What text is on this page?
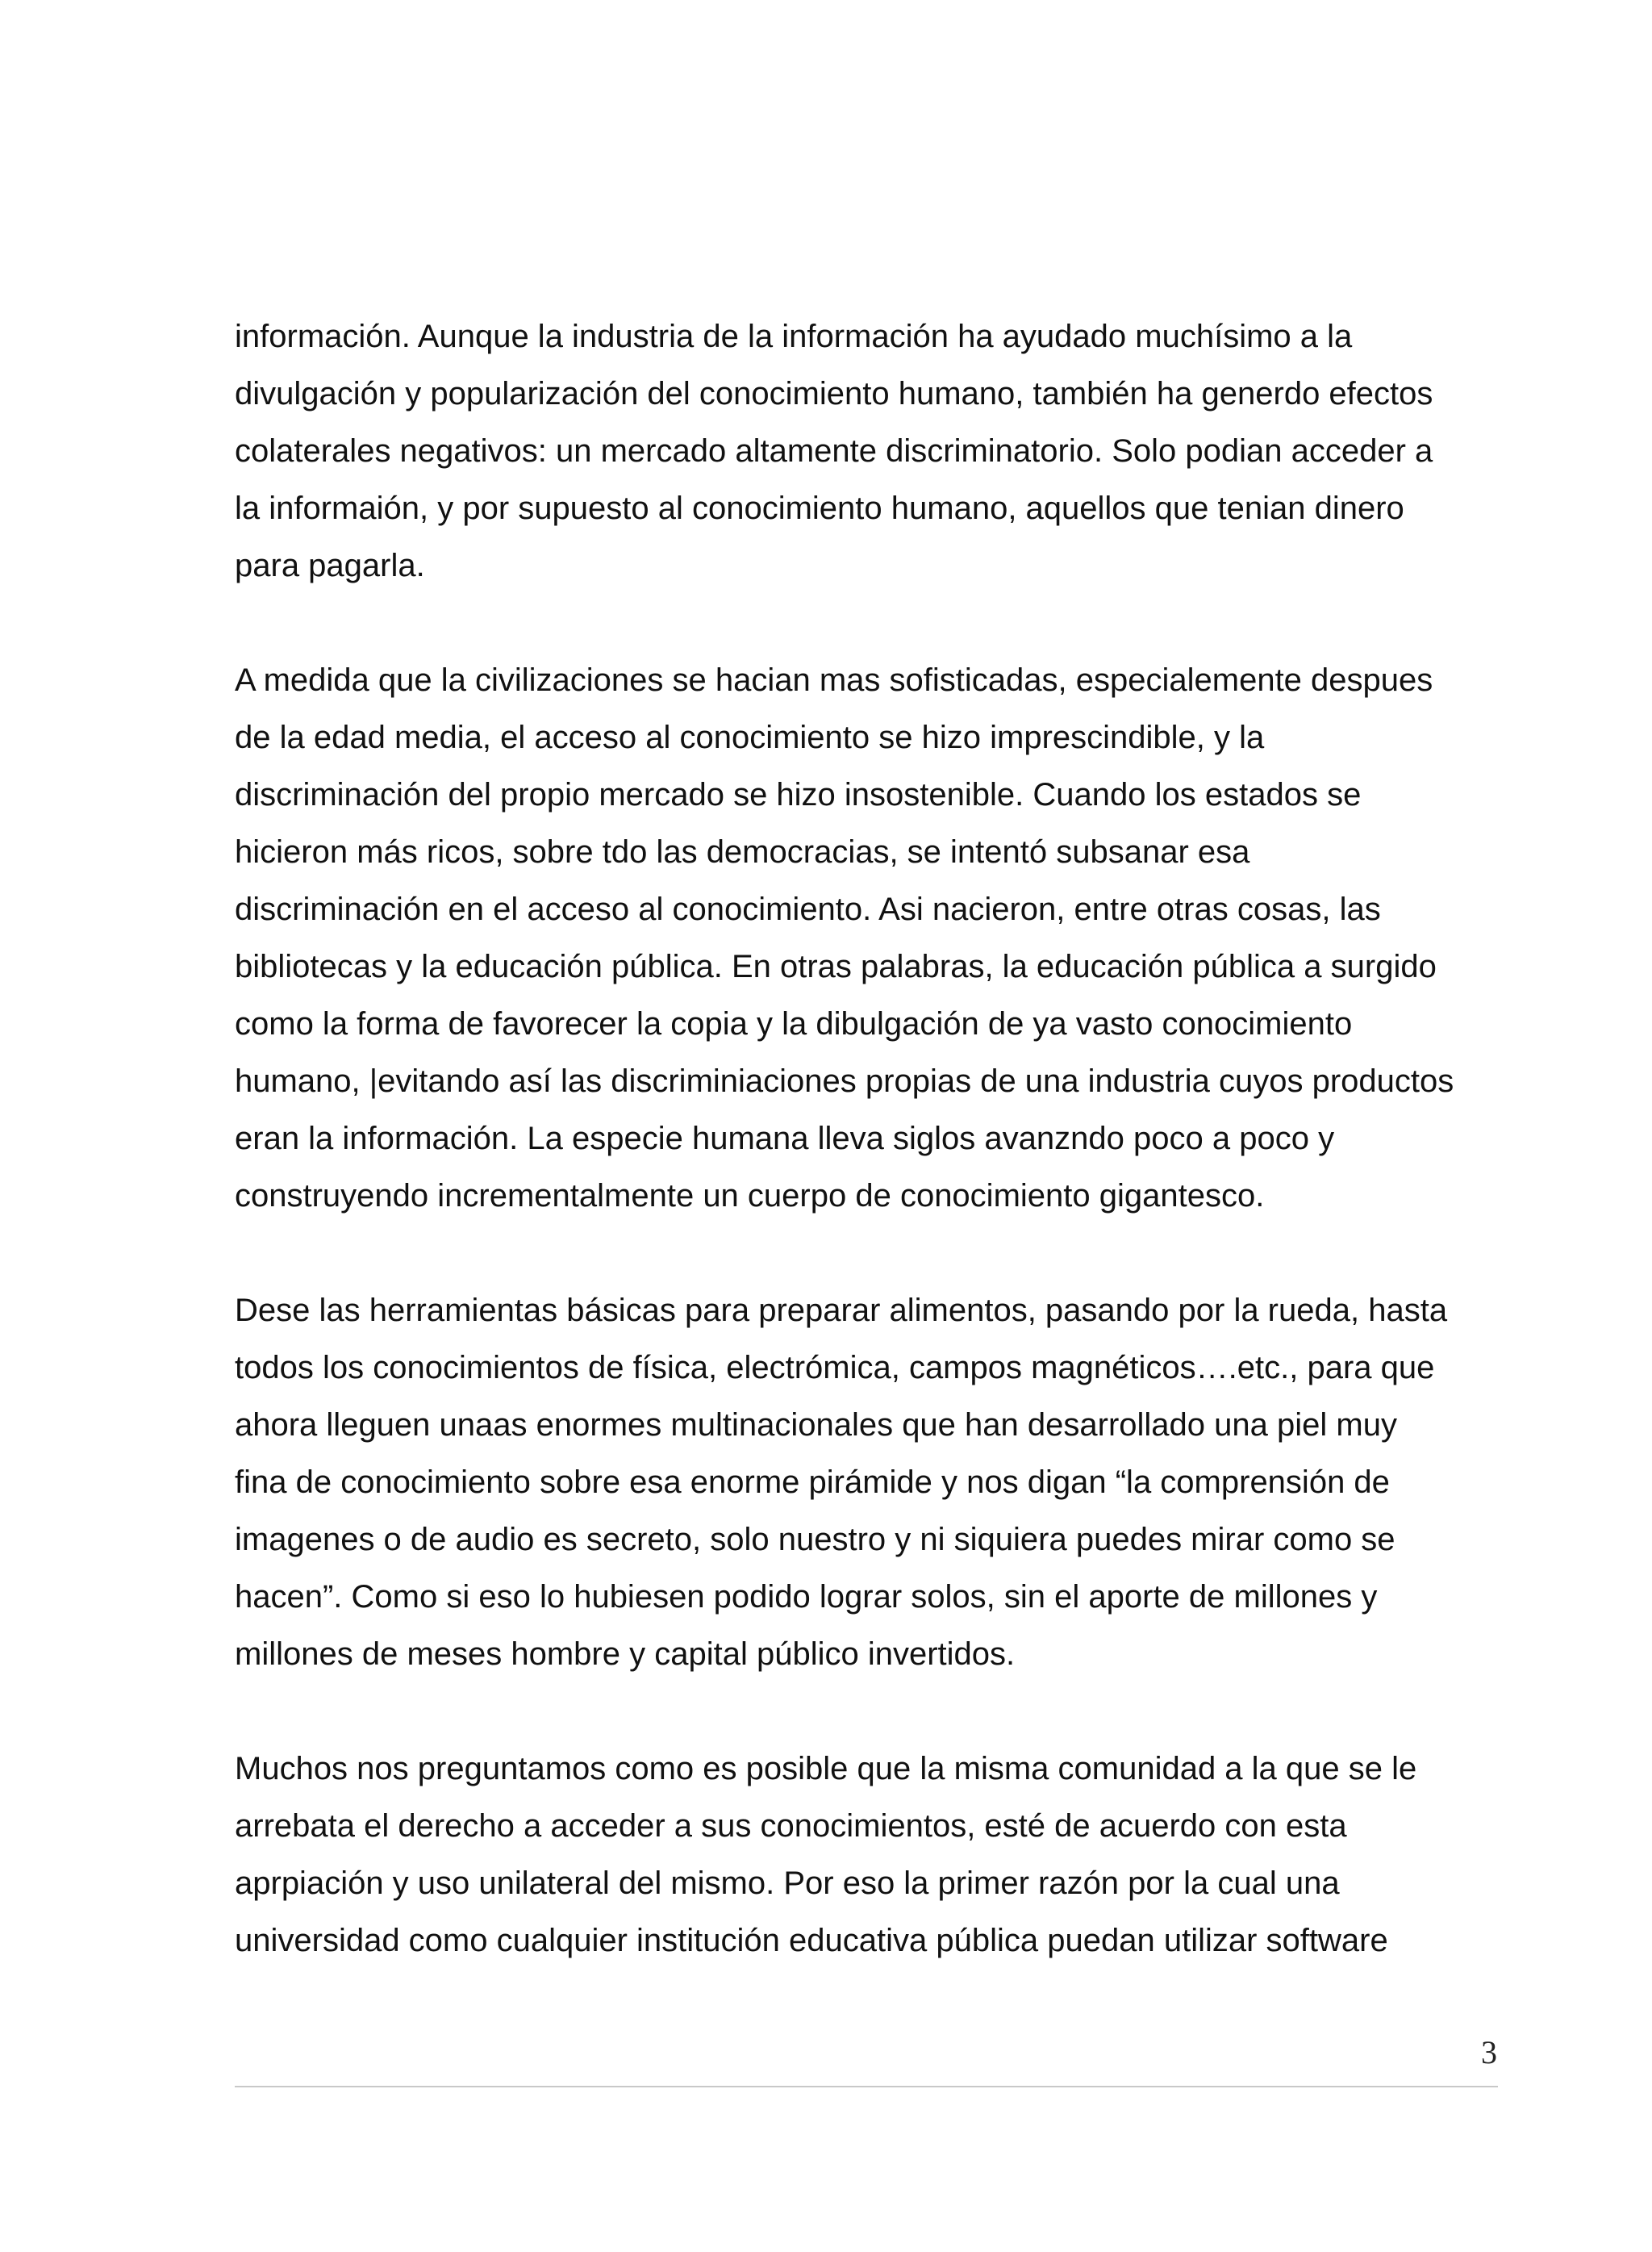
información. Aunque la industria de la información ha ayudado muchísimo a la
divulgación y popularización del conocimiento humano, también ha generdo efectos
colaterales negativos: un mercado altamente discriminatorio. Solo podian acceder a
la informaión, y por supuesto al conocimiento humano, aquellos que tenian dinero
para pagarla.
A medida que la civilizaciones se hacian mas sofisticadas, especialemente despues
de la edad media, el acceso al conocimiento se hizo imprescindible, y la
discriminación del propio mercado se hizo insostenible. Cuando los estados se
hicieron más ricos, sobre tdo las democracias, se intentó subsanar esa
discriminación en el acceso al conocimiento. Asi nacieron, entre otras cosas, las
bibliotecas y la educación pública. En otras palabras, la educación pública a surgido
como la forma de favorecer la copia y la dibulgación de ya vasto conocimiento
humano, |evitando así las discriminiaciones propias de una industria cuyos productos
eran la información. La especie humana lleva siglos avanzndo poco a poco y
construyendo incrementalmente un cuerpo de conocimiento gigantesco.
Dese las herramientas básicas para preparar alimentos, pasando por la rueda, hasta
todos los conocimientos de física, electrómica, campos magnéticos….etc., para que
ahora lleguen unaas enormes multinacionales que han desarrollado una piel muy
fina de conocimiento sobre esa enorme pirámide y nos digan “la comprensión de
imagenes o de audio es secreto, solo nuestro y ni siquiera puedes mirar como se
hacen”. Como si eso lo hubiesen podido lograr solos, sin el aporte de millones y
millones de meses hombre y capital público invertidos.
Muchos nos preguntamos como es posible que la misma comunidad a la que se le
arrebata el derecho a acceder a sus conocimientos, esté de acuerdo con esta
aprpiación y uso unilateral del mismo. Por eso la primer razón por la cual una
universidad como cualquier institución educativa pública puedan utilizar software
3
